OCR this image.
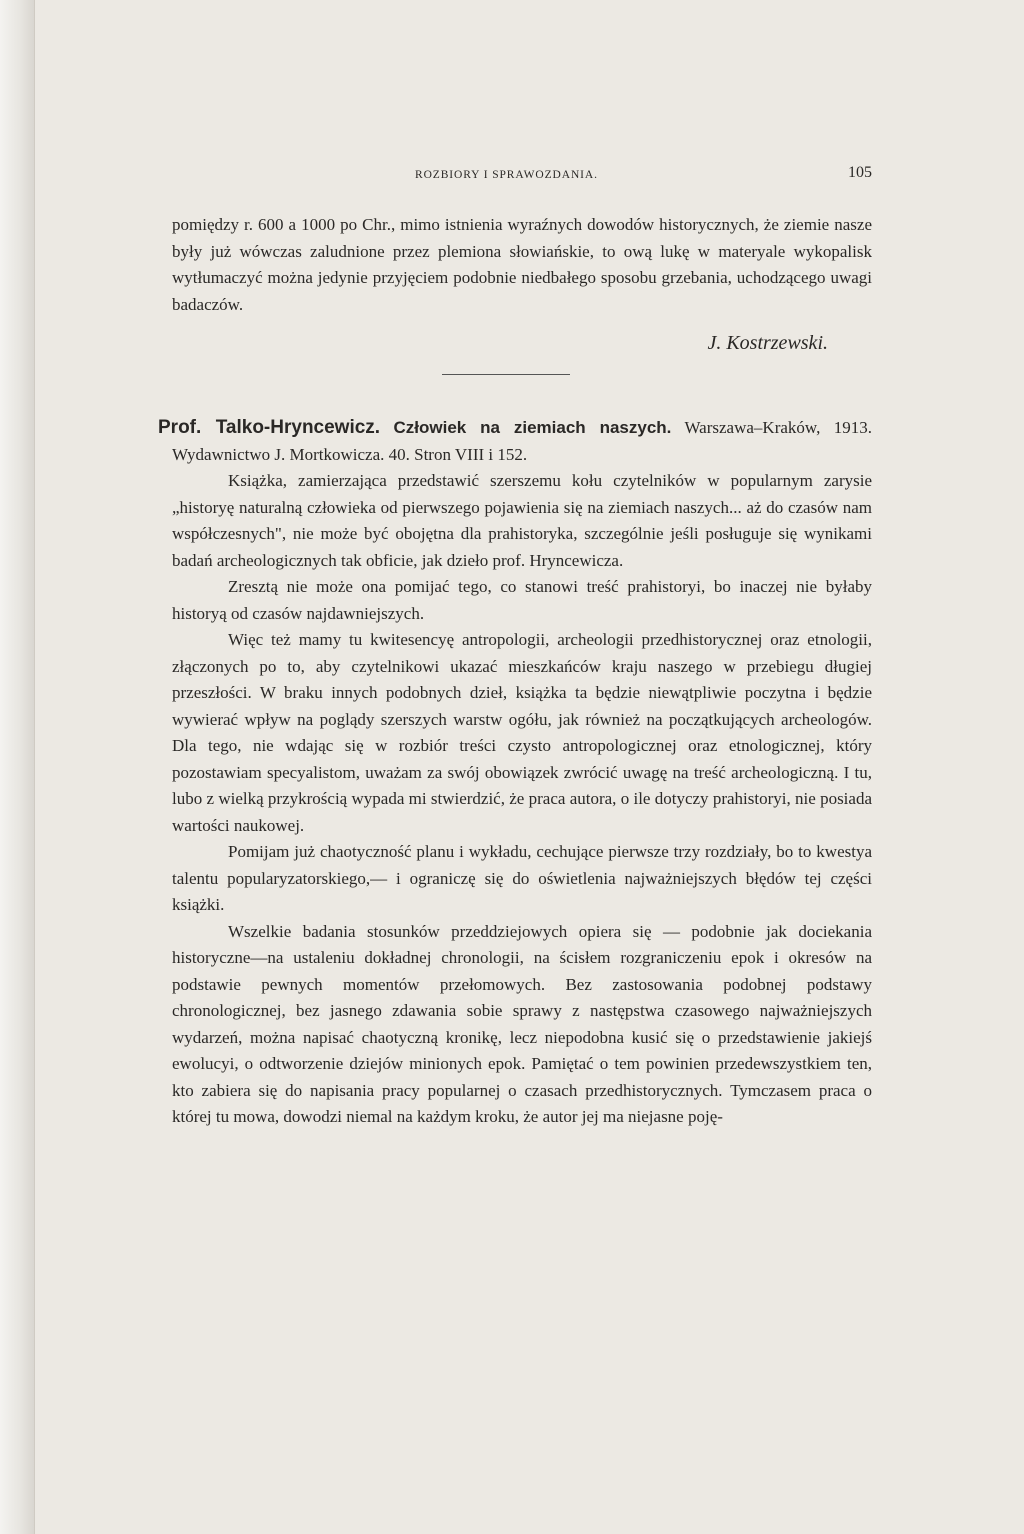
ROZBIORY I SPRAWOZDANIA.	105

pomiędzy r. 600 a 1000 po Chr., mimo istnienia wyraźnych dowodów historycznych, że ziemie nasze były już wówczas zaludnione przez plemiona słowiańskie, to ową lukę w materyale wykopalisk wytłumaczyć można jedynie przyjęciem podobnie niedbałego sposobu grzebania, uchodzącego uwagi badaczów.

J. Kostrzewski.

Prof. Talko-Hryncewicz. Człowiek na ziemiach naszych. Warszawa–Kraków, 1913. Wydawnictwo J. Mortkowicza. 40. Stron VIII i 152.

Książka, zamierzająca przedstawić szerszemu kołu czytelników w popularnym zarysie „historyę naturalną człowieka od pierwszego pojawienia się na ziemiach naszych... aż do czasów nam współczesnych", nie może być obojętna dla prahistoryka, szczególnie jeśli posługuje się wynikami badań archeologicznych tak obficie, jak dzieło prof. Hryncewicza.

Zresztą nie może ona pomijać tego, co stanowi treść prahistoryi, bo inaczej nie byłaby historyą od czasów najdawniejszych.

Więc też mamy tu kwitesencyę antropologii, archeologii przedhistorycznej oraz etnologii, złączonych po to, aby czytelnikowi ukazać mieszkańców kraju naszego w przebiegu długiej przeszłości. W braku innych podobnych dzieł, książka ta będzie niewątpliwie poczytna i będzie wywierać wpływ na poglądy szerszych warstw ogółu, jak również na początkujących archeologów. Dla tego, nie wdając się w rozbiór treści czysto antropologicznej oraz etnologicznej, który pozostawiam specyalistom, uważam za swój obowiązek zwrócić uwagę na treść archeologiczną. I tu, lubo z wielką przykrością wypada mi stwierdzić, że praca autora, o ile dotyczy prahistoryi, nie posiada wartości naukowej.

Pomijam już chaotyczność planu i wykładu, cechujące pierwsze trzy rozdziały, bo to kwestya talentu popularyzatorskiego,— i ograniczę się do oświetlenia najważniejszych błędów tej części książki.

Wszelkie badania stosunków przeddziejowych opiera się — podobnie jak dociekania historyczne—na ustaleniu dokładnej chronologii, na ścisłem rozgraniczeniu epok i okresów na podstawie pewnych momentów przełomowych. Bez zastosowania podobnej podstawy chronologicznej, bez jasnego zdawania sobie sprawy z następstwa czasowego najważniejszych wydarzeń, można napisać chaotyczną kronikę, lecz niepodobna kusić się o przedstawienie jakiejś ewolucyi, o odtworzenie dziejów minionych epok. Pamiętać o tem powinien przedewszystkiem ten, kto zabiera się do napisania pracy popularnej o czasach przedhistorycznych. Tymczasem praca o której tu mowa, dowodzi niemal na każdym kroku, że autor jej ma niejasne poję-
